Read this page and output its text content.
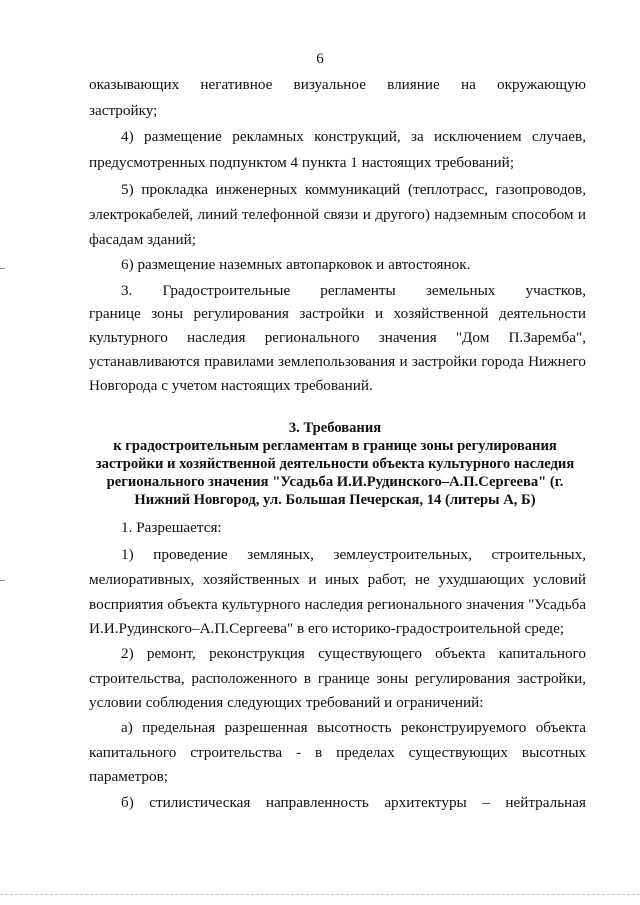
6
оказывающих негативное визуальное влияние на окружающую
застройку;
4) размещение рекламных конструкций, за исключением случаев,
предусмотренных подпунктом 4 пункта 1 настоящих требований;
5) прокладка инженерных коммуникаций (теплотрасс, газопроводов,
электрокабелей, линий телефонной связи и другого) надземным способом и
фасадам зданий;
6) размещение наземных автопарковок и автостоянок.
3. Градостроительные регламенты земельных участков,
границе зоны регулирования застройки и хозяйственной деятельности
культурного наследия регионального значения "Дом П.Заремба",
устанавливаются правилами землепользования и застройки города Нижнего
Новгорода с учетом настоящих требований.
3. Требования
к градостроительным регламентам в границе зоны регулирования
застройки и хозяйственной деятельности объекта культурного наследия
регионального значения "Усадьба И.И.Рудинского–А.П.Сергеева" (г.
Нижний Новгород, ул. Большая Печерская, 14 (литеры А, Б)
1. Разрешается:
1) проведение земляных, землеустроительных, строительных,
мелиоративных, хозяйственных и иных работ, не ухудшающих условий
восприятия объекта культурного наследия регионального значения "Усадьба
И.И.Рудинского–А.П.Сергеева" в его историко-градостроительной среде;
2) ремонт, реконструкция существующего объекта капитального
строительства, расположенного в границе зоны регулирования застройки,
условии соблюдения следующих требований и ограничений:
а) предельная разрешенная высотность реконструируемого объекта
капитального строительства - в пределах существующих высотных
параметров;
б) стилистическая направленность архитектуры – нейтральная
